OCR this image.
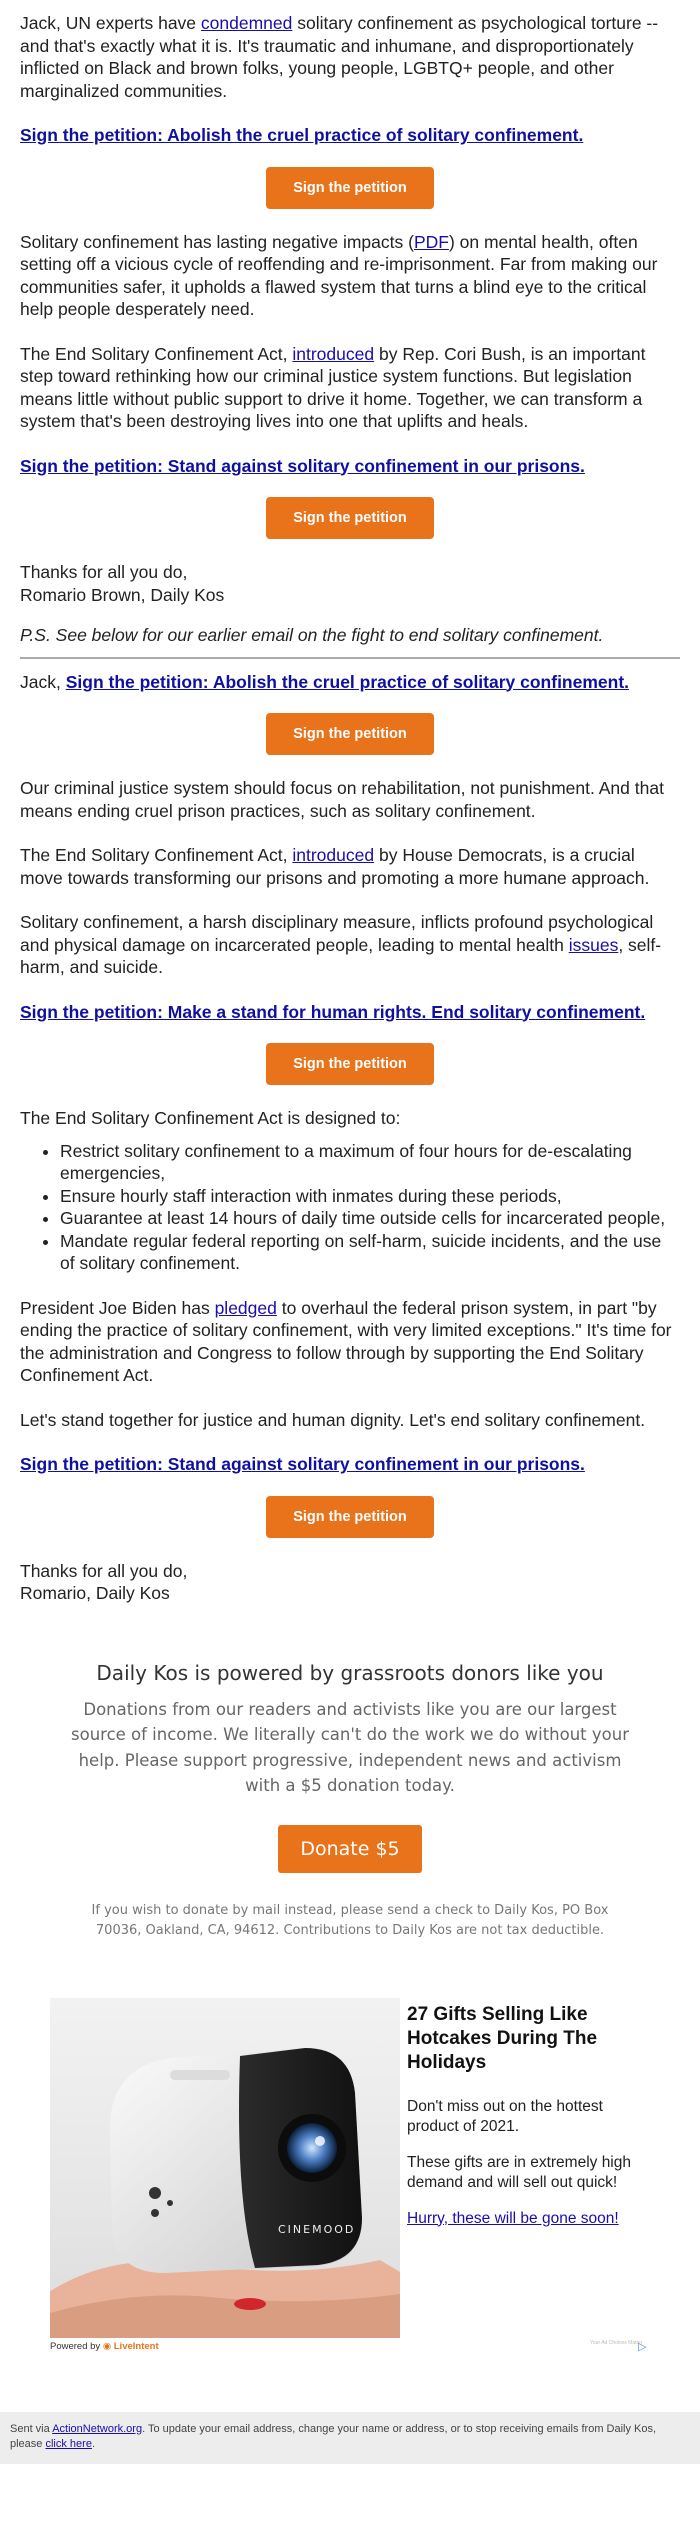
Jack, UN experts have condemned solitary confinement as psychological torture -- and that's exactly what it is. It's traumatic and inhumane, and disproportionately inflicted on Black and brown folks, young people, LGBTQ+ people, and other marginalized communities.

Sign the petition: Abolish the cruel practice of solitary confinement.

Sign the petition

Solitary confinement has lasting negative impacts (PDF) on mental health, often setting off a vicious cycle of reoffending and re-imprisonment. Far from making our communities safer, it upholds a flawed system that turns a blind eye to the critical help people desperately need.

The End Solitary Confinement Act, introduced by Rep. Cori Bush, is an important step toward rethinking how our criminal justice system functions. But legislation means little without public support to drive it home. Together, we can transform a system that's been destroying lives into one that uplifts and heals.

Sign the petition: Stand against solitary confinement in our prisons.

Sign the petition

Thanks for all you do,
Romario Brown, Daily Kos

P.S. See below for our earlier email on the fight to end solitary confinement.

Jack, Sign the petition: Abolish the cruel practice of solitary confinement.

Sign the petition

Our criminal justice system should focus on rehabilitation, not punishment. And that means ending cruel prison practices, such as solitary confinement.

The End Solitary Confinement Act, introduced by House Democrats, is a crucial move towards transforming our prisons and promoting a more humane approach.

Solitary confinement, a harsh disciplinary measure, inflicts profound psychological and physical damage on incarcerated people, leading to mental health issues, self-harm, and suicide.

Sign the petition: Make a stand for human rights. End solitary confinement.

Sign the petition

The End Solitary Confinement Act is designed to:

• Restrict solitary confinement to a maximum of four hours for de-escalating emergencies,
• Ensure hourly staff interaction with inmates during these periods,
• Guarantee at least 14 hours of daily time outside cells for incarcerated people,
• Mandate regular federal reporting on self-harm, suicide incidents, and the use of solitary confinement.

President Joe Biden has pledged to overhaul the federal prison system, in part "by ending the practice of solitary confinement, with very limited exceptions." It's time for the administration and Congress to follow through by supporting the End Solitary Confinement Act.

Let's stand together for justice and human dignity. Let's end solitary confinement.

Sign the petition: Stand against solitary confinement in our prisons.

Sign the petition

Thanks for all you do,
Romario, Daily Kos

Daily Kos is powered by grassroots donors like you

Donations from our readers and activists like you are our largest source of income. We literally can't do the work we do without your help. Please support progressive, independent news and activism with a $5 donation today.

Donate $5

If you wish to donate by mail instead, please send a check to Daily Kos, PO Box 70036, Oakland, CA, 94612. Contributions to Daily Kos are not tax deductible.

CINEMOOD
27 Gifts Selling Like Hotcakes During The Holidays

Don't miss out on the hottest product of 2021.

These gifts are in extremely high demand and will sell out quick!

Hurry, these will be gone soon!
Powered by ◉ LiveIntent	Your Ad Choices Matter
▷
Sent via ActionNetwork.org. To update your email address, change your name or address, or to stop receiving emails from Daily Kos, please click here.
